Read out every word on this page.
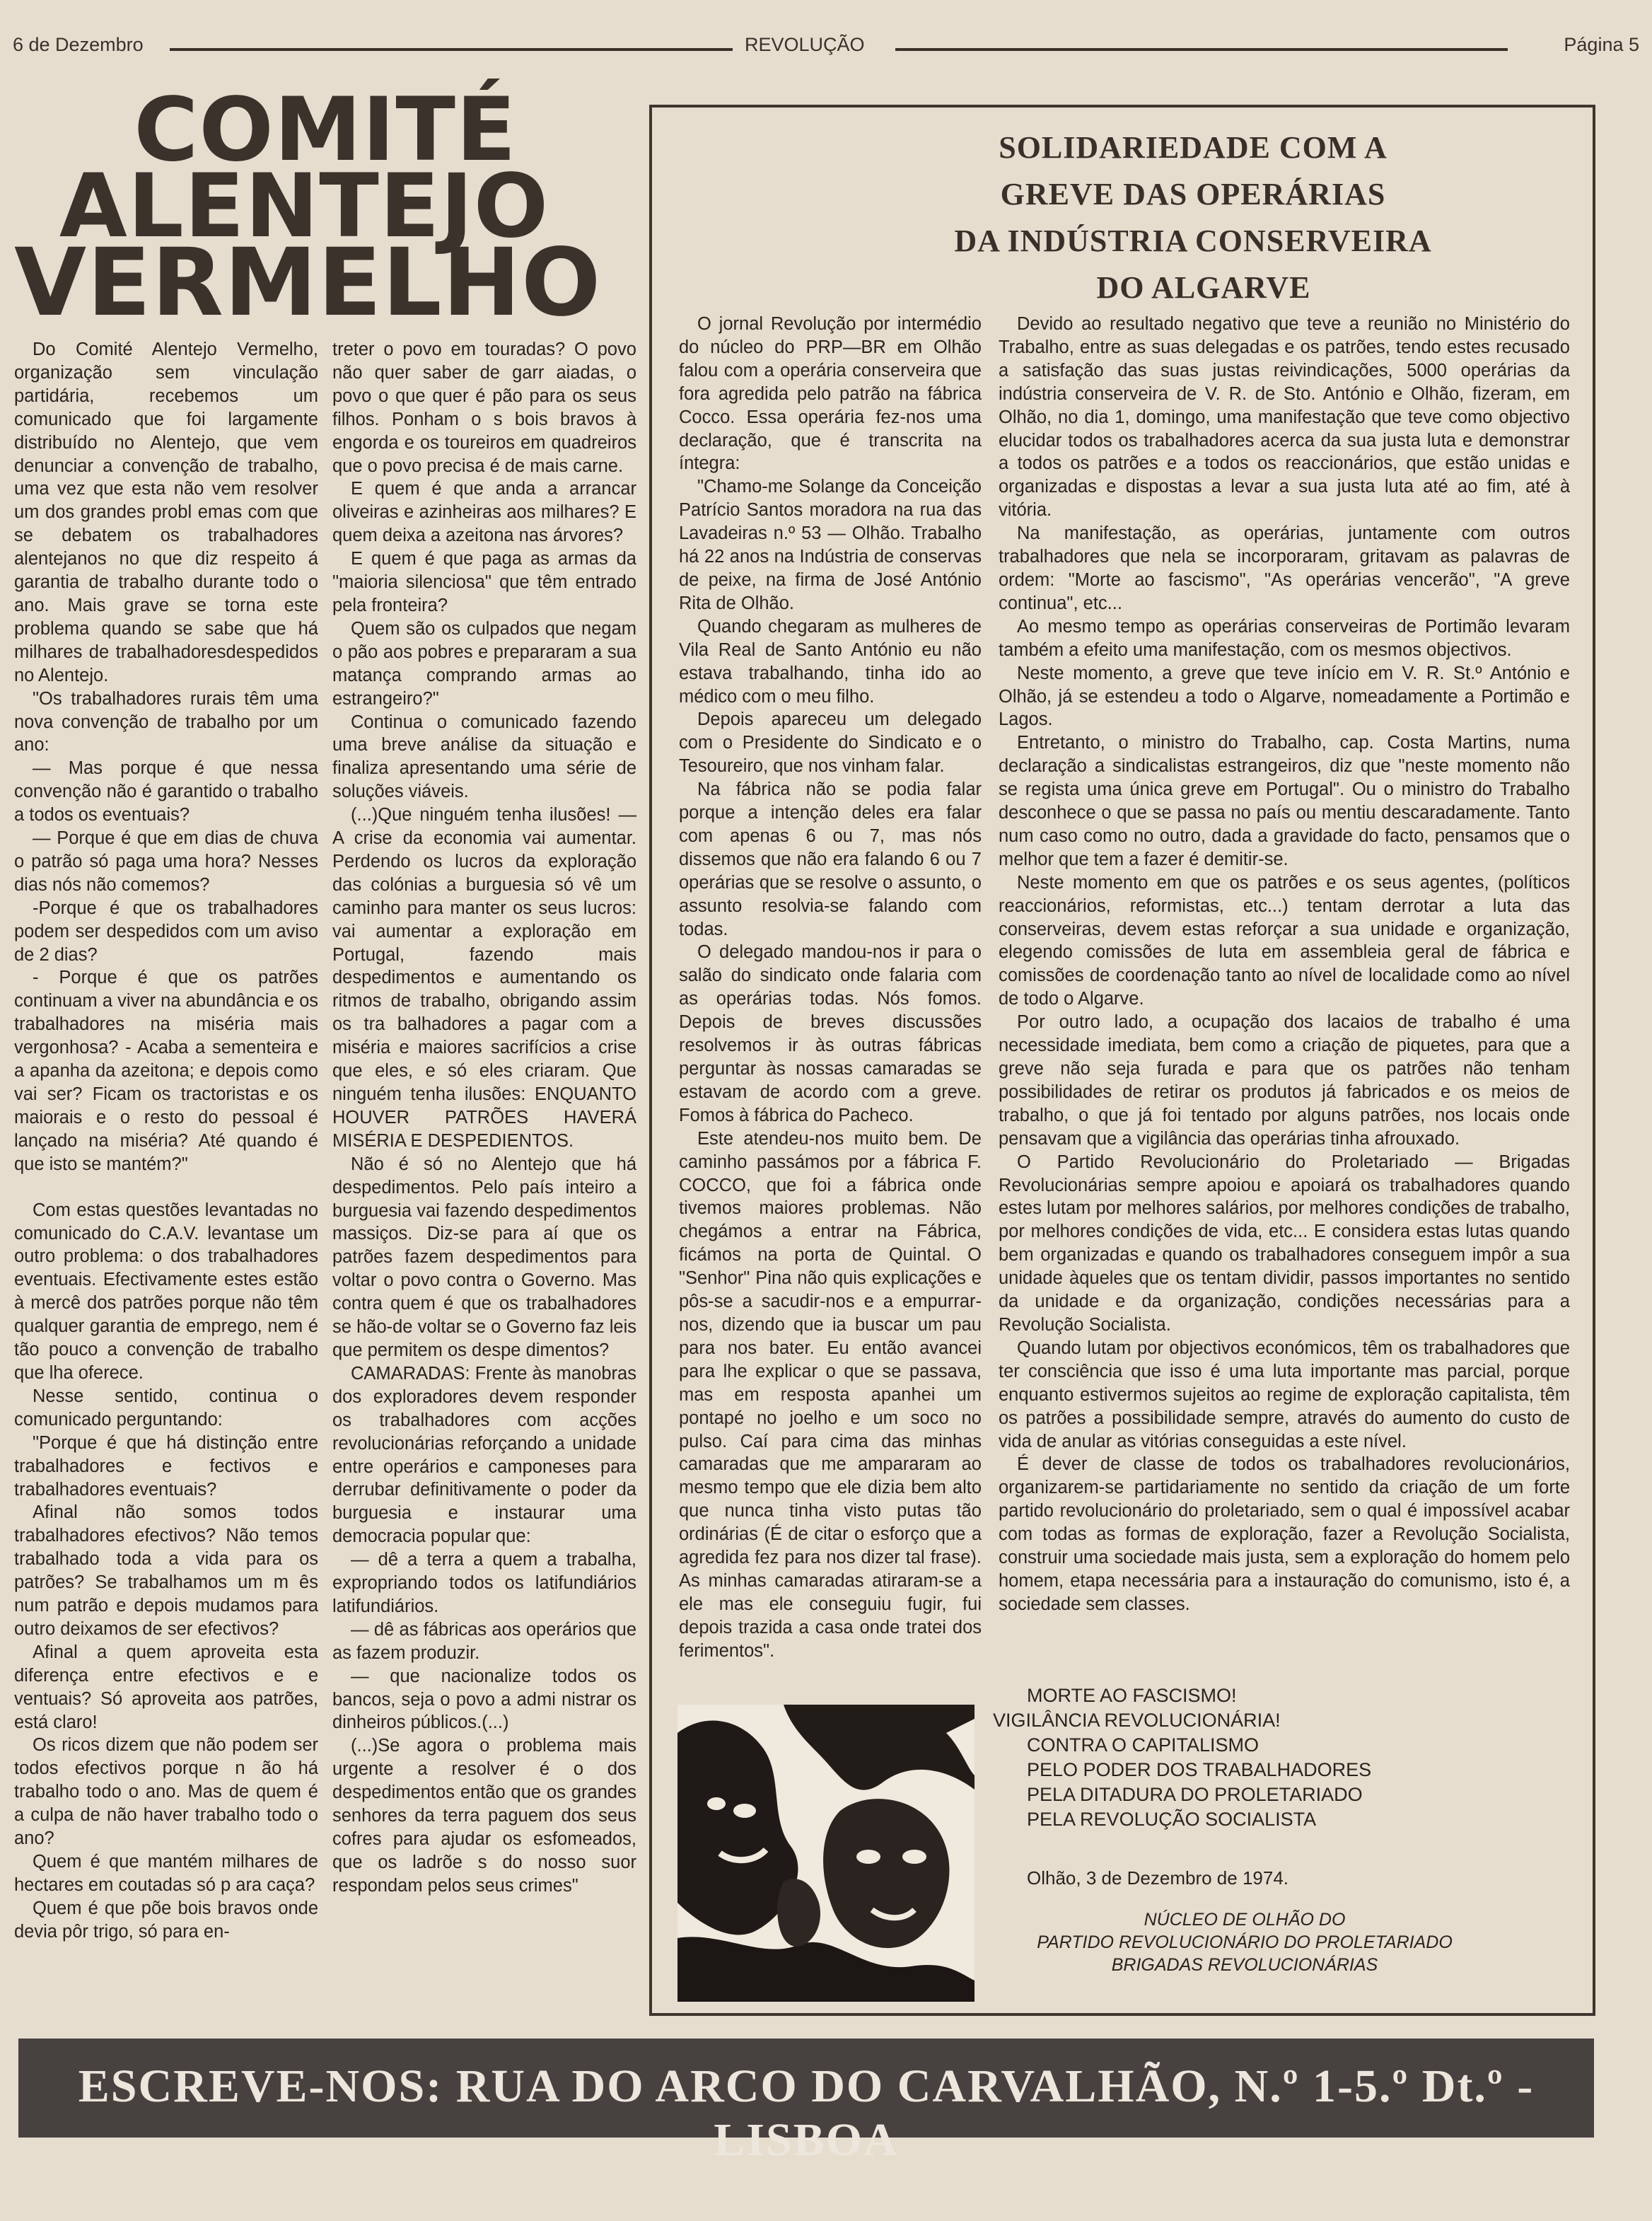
6 de Dezembro	REVOLUÇÃO	Página 5
COMITÉ
ALENTEJO
VERMELHO

Do Comité Alentejo Vermelho, organização sem vinculação partidária, recebemos um comunicado que foi largamente distribuído no Alentejo, que vem denunciar a convenção de trabalho, uma vez que esta não vem resolver um dos grandes probl emas com que se debatem os trabalhadores alentejanos no que diz respeito á garantia de trabalho durante todo o ano. Mais grave se torna este problema quando se sabe que há milhares de trabalhadoresdespedidos no Alentejo.

"Os trabalhadores rurais têm uma nova convenção de trabalho por um ano:

— Mas porque é que nessa convenção não é garantido o trabalho a todos os eventuais?

— Porque é que em dias de chuva o patrão só paga uma hora? Nesses dias nós não comemos?

-Porque é que os trabalhadores podem ser despedidos com um aviso de 2 dias?

- Porque é que os patrões continuam a viver na abundância e os trabalhadores na miséria mais vergonhosa? - Acaba a sementeira e a apanha da azeitona; e depois como vai ser? Ficam os tractoristas e os maiorais e o resto do pessoal é lançado na miséria? Até quando é que isto se mantém?"

Com estas questões levantadas no comunicado do C.A.V. levantase um outro problema: o dos trabalhadores eventuais. Efectivamente estes estão à mercê dos patrões porque não têm qualquer garantia de emprego, nem é tão pouco a convenção de trabalho que lha oferece.

Nesse sentido, continua o comunicado perguntando:

"Porque é que há distinção entre trabalhadores e fectivos e trabalhadores eventuais?

Afinal não somos todos trabalhadores efectivos? Não temos trabalhado toda a vida para os patrões? Se trabalhamos um m ês num patrão e depois mudamos para outro deixamos de ser efectivos?

Afinal a quem aproveita esta diferença entre efectivos e e ventuais? Só aproveita aos patrões, está claro!

Os ricos dizem que não podem ser todos efectivos porque n ão há trabalho todo o ano. Mas de quem é a culpa de não haver trabalho todo o ano?

Quem é que mantém milhares de hectares em coutadas só p ara caça?

Quem é que põe bois bravos onde devia pôr trigo, só para en-

treter o povo em touradas? O povo não quer saber de garr aiadas, o povo o que quer é pão para os seus filhos. Ponham o s bois bravos à engorda e os toureiros em quadreiros que o povo precisa é de mais carne.

E quem é que anda a arrancar oliveiras e azinheiras aos milhares? E quem deixa a azeitona nas árvores?

E quem é que paga as armas da "maioria silenciosa" que têm entrado pela fronteira?

Quem são os culpados que negam o pão aos pobres e prepararam a sua matança comprando armas ao estrangeiro?"

Continua o comunicado fazendo uma breve análise da situação e finaliza apresentando uma série de soluções viáveis.

(...)Que ninguém tenha ilusões! — A crise da economia vai aumentar. Perdendo os lucros da exploração das colónias a burguesia só vê um caminho para manter os seus lucros: vai aumentar a exploração em Portugal, fazendo mais despedimentos e aumentando os ritmos de trabalho, obrigando assim os tra balhadores a pagar com a miséria e maiores sacrifícios a crise que eles, e só eles criaram. Que ninguém tenha ilusões: ENQUANTO HOUVER PATRÕES HAVERÁ MISÉRIA E DESPEDIENTOS.

Não é só no Alentejo que há despedimentos. Pelo país inteiro a burguesia vai fazendo despedimentos massiços. Diz-se para aí que os patrões fazem despedimentos para voltar o povo contra o Governo. Mas contra quem é que os trabalhadores se hão-de voltar se o Governo faz leis que permitem os despe dimentos?

CAMARADAS: Frente às manobras dos exploradores devem responder os trabalhadores com acções revolucionárias reforçando a unidade entre operários e camponeses para derrubar definitivamente o poder da burguesia e instaurar uma democracia popular que:

— dê a terra a quem a trabalha, expropriando todos os latifundiários latifundiários.

— dê as fábricas aos operários que as fazem produzir.

— que nacionalize todos os bancos, seja o povo a admi nistrar os dinheiros públicos.(...)

(...)Se agora o problema mais urgente a resolver é o dos despedimentos então que os grandes senhores da terra paguem dos seus cofres para ajudar os esfomeados, que os ladrõe s do nosso suor respondam pelos seus crimes"

SOLIDARIEDADE COM A
GREVE DAS OPERÁRIAS
DA INDÚSTRIA CONSERVEIRA
DO ALGARVE

O jornal Revolução por intermédio do núcleo do PRP—BR em Olhão falou com a operária conserveira que fora agredida pelo patrão na fábrica Cocco. Essa operária fez-nos uma declaração, que é transcrita na íntegra:

"Chamo-me Solange da Conceição Patrício Santos moradora na rua das Lavadeiras n.º 53 — Olhão. Trabalho há 22 anos na Indústria de conservas de peixe, na firma de José António Rita de Olhão.

Quando chegaram as mulheres de Vila Real de Santo António eu não estava trabalhando, tinha ido ao médico com o meu filho.

Depois apareceu um delegado com o Presidente do Sindicato e o Tesoureiro, que nos vinham falar.

Na fábrica não se podia falar porque a intenção deles era falar com apenas 6 ou 7, mas nós dissemos que não era falando 6 ou 7 operárias que se resolve o assunto, o assunto resolvia-se falando com todas.

O delegado mandou-nos ir para o salão do sindicato onde falaria com as operárias todas. Nós fomos. Depois de breves discussões resolvemos ir às outras fábricas perguntar às nossas camaradas se estavam de acordo com a greve. Fomos à fábrica do Pacheco.

Este atendeu-nos muito bem. De caminho passámos por a fábrica F. COCCO, que foi a fábrica onde tivemos maiores problemas. Não chegámos a entrar na Fábrica, ficámos na porta de Quintal. O "Senhor" Pina não quis explicações e pôs-se a sacudir-nos e a empurrar-nos, dizendo que ia buscar um pau para nos bater. Eu então avancei para lhe explicar o que se passava, mas em resposta apanhei um pontapé no joelho e um soco no pulso. Caí para cima das minhas camaradas que me ampararam ao mesmo tempo que ele dizia bem alto que nunca tinha visto putas tão ordinárias (É de citar o esforço que a agredida fez para nos dizer tal frase). As minhas camaradas atiraram-se a ele mas ele conseguiu fugir, fui depois trazida a casa onde tratei dos ferimentos".

Devido ao resultado negativo que teve a reunião no Ministério do Trabalho, entre as suas delegadas e os patrões, tendo estes recusado a satisfação das suas justas reivindicações, 5000 operárias da indústria conserveira de V. R. de Sto. António e Olhão, fizeram, em Olhão, no dia 1, domingo, uma manifestação que teve como objectivo elucidar todos os trabalhadores acerca da sua justa luta e demonstrar a todos os patrões e a todos os reaccionários, que estão unidas e organizadas e dispostas a levar a sua justa luta até ao fim, até à vitória.

Na manifestação, as operárias, juntamente com outros trabalhadores que nela se incorporaram, gritavam as palavras de ordem: "Morte ao fascismo", "As operárias vencerão", "A greve continua", etc...

Ao mesmo tempo as operárias conserveiras de Portimão levaram também a efeito uma manifestação, com os mesmos objectivos.

Neste momento, a greve que teve início em V. R. St.º António e Olhão, já se estendeu a todo o Algarve, nomeadamente a Portimão e Lagos.

Entretanto, o ministro do Trabalho, cap. Costa Martins, numa declaração a sindicalistas estrangeiros, diz que "neste momento não se regista uma única greve em Portugal". Ou o ministro do Trabalho desconhece o que se passa no país ou mentiu descaradamente. Tanto num caso como no outro, dada a gravidade do facto, pensamos que o melhor que tem a fazer é demitir-se.

Neste momento em que os patrões e os seus agentes, (políticos reaccionários, reformistas, etc...) tentam derrotar a luta das conserveiras, devem estas reforçar a sua unidade e organização, elegendo comissões de luta em assembleia geral de fábrica e comissões de coordenação tanto ao nível de localidade como ao nível de todo o Algarve.

Por outro lado, a ocupação dos lacaios de trabalho é uma necessidade imediata, bem como a criação de piquetes, para que a greve não seja furada e para que os patrões não tenham possibilidades de retirar os produtos já fabricados e os meios de trabalho, o que já foi tentado por alguns patrões, nos locais onde pensavam que a vigilância das operárias tinha afrouxado.

O Partido Revolucionário do Proletariado — Brigadas Revolucionárias sempre apoiou e apoiará os trabalhadores quando estes lutam por melhores salários, por melhores condições de trabalho, por melhores condições de vida, etc... E considera estas lutas quando bem organizadas e quando os trabalhadores conseguem impôr a sua unidade àqueles que os tentam dividir, passos importantes no sentido da unidade e da organização, condições necessárias para a Revolução Socialista.

Quando lutam por objectivos económicos, têm os trabalhadores que ter consciência que isso é uma luta importante mas parcial, porque enquanto estivermos sujeitos ao regime de exploração capitalista, têm os patrões a possibilidade sempre, através do aumento do custo de vida de anular as vitórias conseguidas a este nível.

É dever de classe de todos os trabalhadores revolucionários, organizarem-se partidariamente no sentido da criação de um forte partido revolucionário do proletariado, sem o qual é impossível acabar com todas as formas de exploração, fazer a Revolução Socialista, construir uma sociedade mais justa, sem a exploração do homem pelo homem, etapa necessária para a instauração do comunismo, isto é, a sociedade sem classes.

MORTE AO FASCISMO!
VIGILÂNCIA REVOLUCIONÁRIA!
CONTRA O CAPITALISMO
PELO PODER DOS TRABALHADORES
PELA DITADURA DO PROLETARIADO
PELA REVOLUÇÃO SOCIALISTA
Olhão, 3 de Dezembro de 1974.
NÚCLEO DE OLHÃO DO
PARTIDO REVOLUCIONÁRIO DO PROLETARIADO
BRIGADAS REVOLUCIONÁRIAS
ESCREVE-NOS: RUA DO ARCO DO CARVALHÃO, N.º 1-5.º Dt.º - LISBOA
